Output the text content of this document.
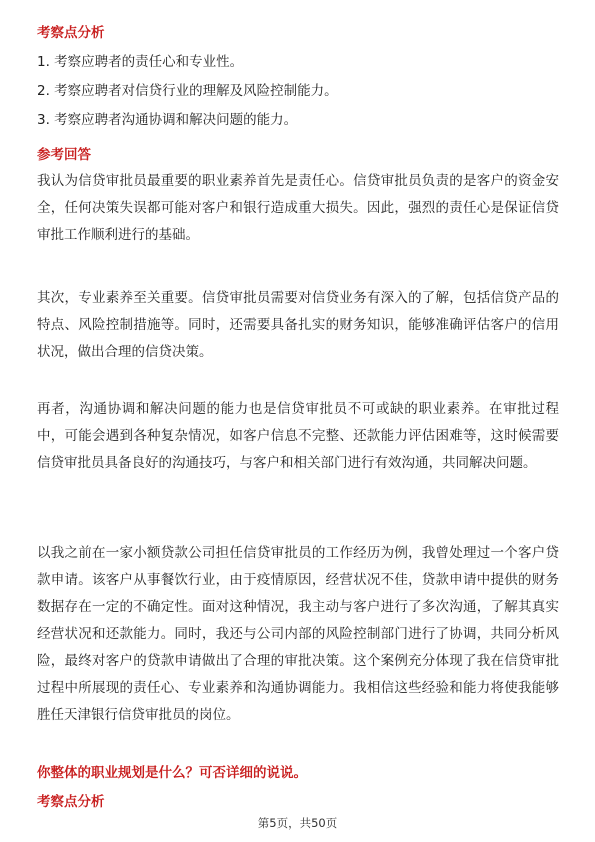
考察点分析
1. 考察应聘者的责任心和专业性。
2. 考察应聘者对信贷行业的理解及风险控制能力。
3. 考察应聘者沟通协调和解决问题的能力。
参考回答
我认为信贷审批员最重要的职业素养首先是责任心。信贷审批员负责的是客户的资金安全，任何决策失误都可能对客户和银行造成重大损失。因此，强烈的责任心是保证信贷审批工作顺利进行的基础。
其次，专业素养至关重要。信贷审批员需要对信贷业务有深入的了解，包括信贷产品的特点、风险控制措施等。同时，还需要具备扎实的财务知识，能够准确评估客户的信用状况，做出合理的信贷决策。
再者，沟通协调和解决问题的能力也是信贷审批员不可或缺的职业素养。在审批过程中，可能会遇到各种复杂情况，如客户信息不完整、还款能力评估困难等，这时候需要信贷审批员具备良好的沟通技巧，与客户和相关部门进行有效沟通，共同解决问题。
以我之前在一家小额贷款公司担任信贷审批员的工作经历为例，我曾处理过一个客户贷款申请。该客户从事餐饮行业，由于疫情原因，经营状况不佳，贷款申请中提供的财务数据存在一定的不确定性。面对这种情况，我主动与客户进行了多次沟通，了解其真实经营状况和还款能力。同时，我还与公司内部的风险控制部门进行了协调，共同分析风险，最终对客户的贷款申请做出了合理的审批决策。这个案例充分体现了我在信贷审批过程中所展现的责任心、专业素养和沟通协调能力。我相信这些经验和能力将使我能够胜任天津银行信贷审批员的岗位。
你整体的职业规划是什么？可否详细的说说。
考察点分析
第5页，共50页
